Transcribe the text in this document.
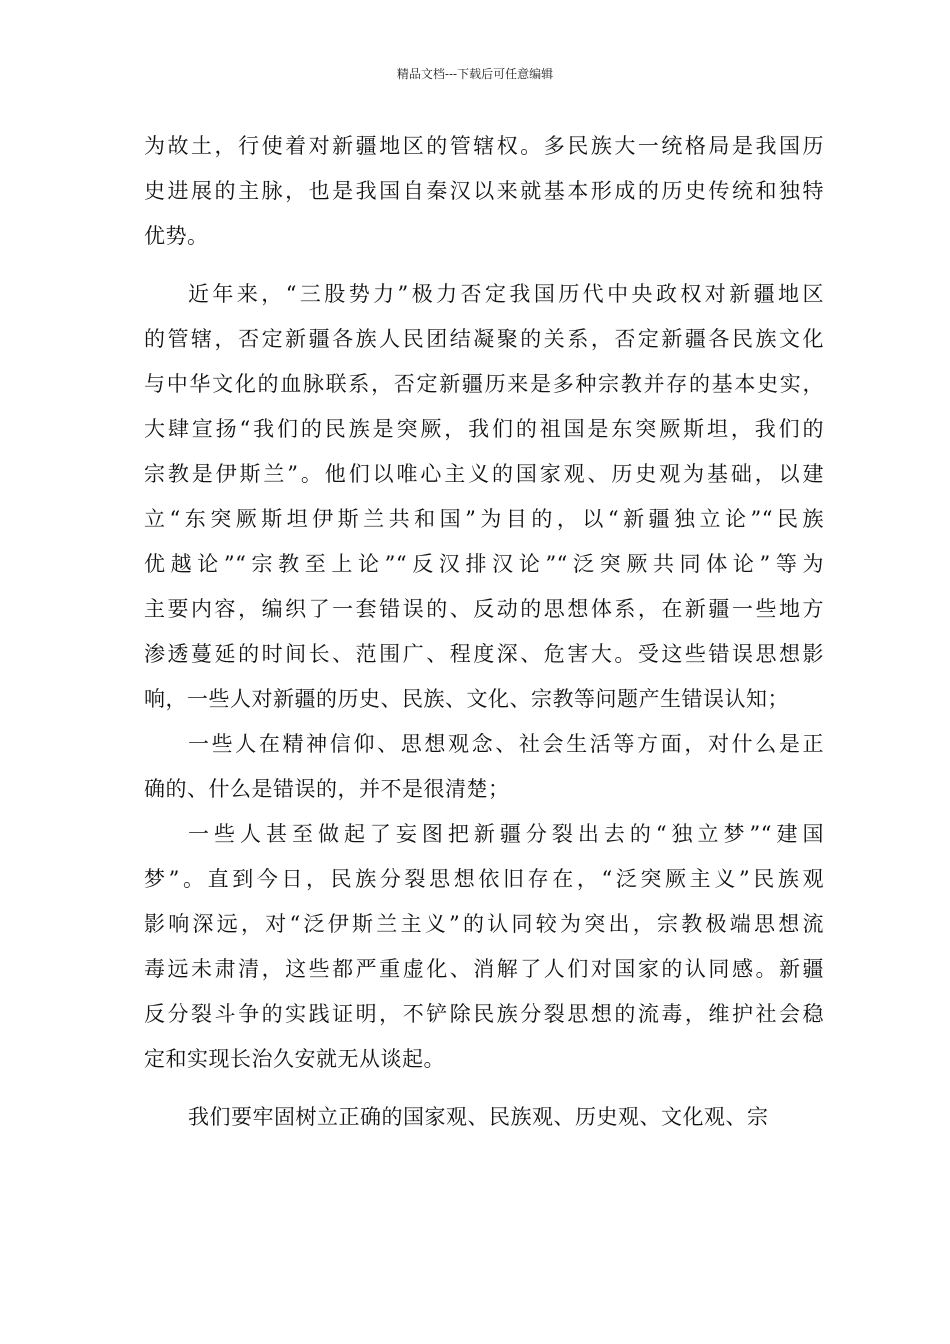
精品文档---下载后可任意编辑
为故土，行使着对新疆地区的管辖权。多民族大一统格局是我国历
史进展的主脉，也是我国自秦汉以来就基本形成的历史传统和独特
优势。
近年来，“三股势力”极力否定我国历代中央政权对新疆地区
的管辖，否定新疆各族人民团结凝聚的关系，否定新疆各民族文化
与中华文化的血脉联系，否定新疆历来是多种宗教并存的基本史实，
大肆宣扬“我们的民族是突厥，我们的祖国是东突厥斯坦，我们的
宗教是伊斯兰”。他们以唯心主义的国家观、历史观为基础，以建
立“东突厥斯坦伊斯兰共和国”为目的，以“新疆独立论”“民族
优越论”“宗教至上论”“反汉排汉论”“泛突厥共同体论”等为
主要内容，编织了一套错误的、反动的思想体系，在新疆一些地方
渗透蔓延的时间长、范围广、程度深、危害大。受这些错误思想影
响，一些人对新疆的历史、民族、文化、宗教等问题产生错误认知；
一些人在精神信仰、思想观念、社会生活等方面，对什么是正
确的、什么是错误的，并不是很清楚；
一些人甚至做起了妄图把新疆分裂出去的“独立梦”“建国
梦”。直到今日，民族分裂思想依旧存在，“泛突厥主义”民族观
影响深远，对“泛伊斯兰主义”的认同较为突出，宗教极端思想流
毒远未肃清，这些都严重虚化、消解了人们对国家的认同感。新疆
反分裂斗争的实践证明，不铲除民族分裂思想的流毒，维护社会稳
定和实现长治久安就无从谈起。
我们要牢固树立正确的国家观、民族观、历史观、文化观、宗
